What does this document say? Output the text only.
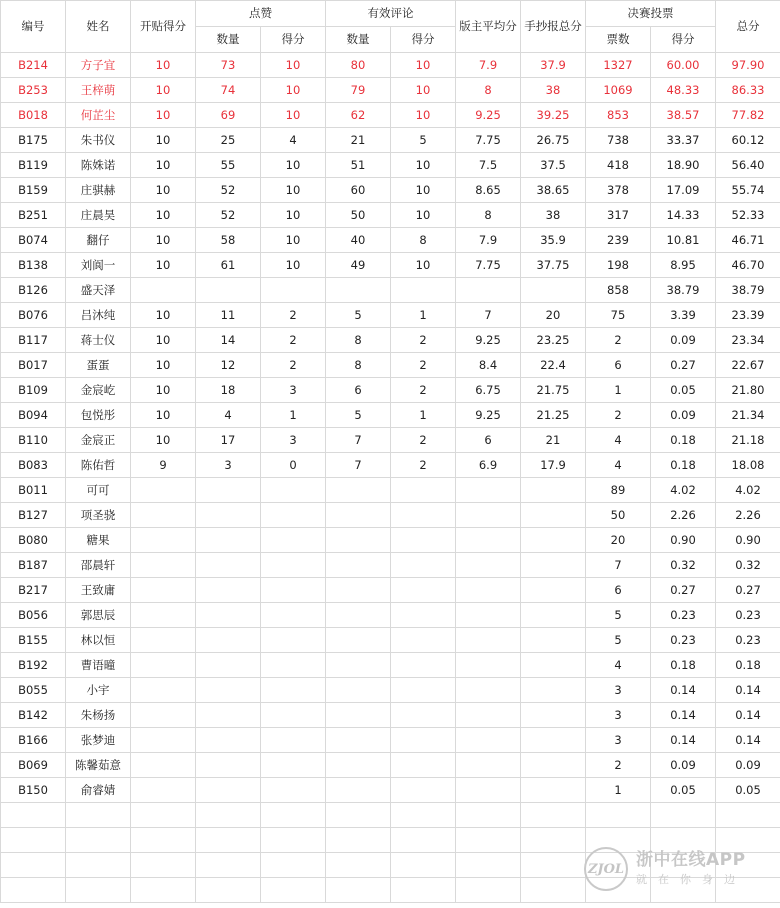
编号	姓名	开贴得分	点赞		有效评论		版主平均分	手抄报总分	决赛投票		总分
			数量	得分	数量	得分			票数	得分	
B214	方子宜	10	73	10	80	10	7.9	37.9	1327	60.00	97.90
B253	王梓萌	10	74	10	79	10	8	38	1069	48.33	86.33
B018	何芷尘	10	69	10	62	10	9.25	39.25	853	38.57	77.82
B175	朱书仪	10	25	4	21	5	7.75	26.75	738	33.37	60.12
B119	陈姝诺	10	55	10	51	10	7.5	37.5	418	18.90	56.40
B159	庄骐赫	10	52	10	60	10	8.65	38.65	378	17.09	55.74
B251	庄晨昊	10	52	10	50	10	8	38	317	14.33	52.33
B074	翻仔	10	58	10	40	8	7.9	35.9	239	10.81	46.71
B138	刘阆一	10	61	10	49	10	7.75	37.75	198	8.95	46.70
B126	盛天泽								858	38.79	38.79
B076	吕沐纯	10	11	2	5	1	7	20	75	3.39	23.39
B117	蒋士仪	10	14	2	8	2	9.25	23.25	2	0.09	23.34
B017	蛋蛋	10	12	2	8	2	8.4	22.4	6	0.27	22.67
B109	金宸屹	10	18	3	6	2	6.75	21.75	1	0.05	21.80
B094	包悦彤	10	4	1	5	1	9.25	21.25	2	0.09	21.34
B110	金宸正	10	17	3	7	2	6	21	4	0.18	21.18
B083	陈佑哲	9	3	0	7	2	6.9	17.9	4	0.18	18.08
B011	可可								89	4.02	4.02
B127	项圣骁								50	2.26	2.26
B080	糖果								20	0.90	0.90
B187	邵晨轩								7	0.32	0.32
B217	王致庸								6	0.27	0.27
B056	郭思辰								5	0.23	0.23
B155	林以恒								5	0.23	0.23
B192	曹语曈								4	0.18	0.18
B055	小宇								3	0.14	0.14
B142	朱杨扬								3	0.14	0.14
B166	张梦迪								3	0.14	0.14
B069	陈馨茹意								2	0.09	0.09
B150	俞睿婧								1	0.05	0.05

ZJOL 浙中在线APP
就在你身边
